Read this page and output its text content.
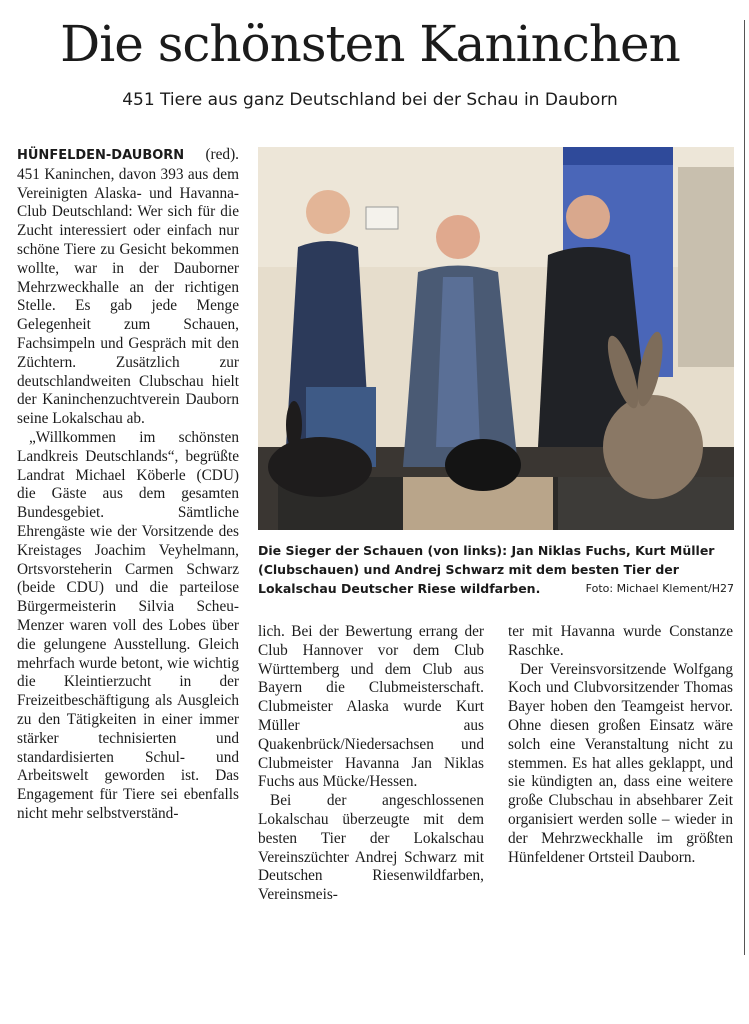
Die schönsten Kaninchen
451 Tiere aus ganz Deutschland bei der Schau in Dauborn

HÜNFELDEN-DAUBORN (red). 451 Kaninchen, davon 393 aus dem Vereinigten Alaska- und Havanna-Club Deutschland: Wer sich für die Zucht interessiert oder einfach nur schöne Tiere zu Gesicht bekommen wollte, war in der Dauborner Mehrzweckhalle an der richtigen Stelle. Es gab jede Menge Gelegenheit zum Schauen, Fachsimpeln und Gespräch mit den Züchtern. Zusätzlich zur deutschlandweiten Clubschau hielt der Kaninchenzuchtverein Dauborn seine Lokalschau ab.

„Willkommen im schönsten Landkreis Deutschlands“, begrüßte Landrat Michael Köberle (CDU) die Gäste aus dem gesamten Bundesgebiet. Sämtliche Ehrengäste wie der Vorsitzende des Kreistages Joachim Veyhelmann, Ortsvorsteherin Carmen Schwarz (beide CDU) und die parteilose Bürgermeisterin Silvia Scheu-Menzer waren voll des Lobes über die gelungene Ausstellung. Gleich mehrfach wurde betont, wie wichtig die Kleintierzucht in der Freizeitbeschäftigung als Ausgleich zu den Tätigkeiten in einer immer stärker technisierten und standardisierten Schul- und Arbeitswelt geworden ist. Das Engagement für Tiere sei ebenfalls nicht mehr selbstverständ-

Die Sieger der Schauen (von links): Jan Niklas Fuchs, Kurt Müller (Clubschauen) und Andrej Schwarz mit dem besten Tier der Lokalschau Deutscher Riese wildfarben.	Foto: Michael Klement/H27

lich. Bei der Bewertung errang der Club Hannover vor dem Club Württemberg und dem Club aus Bayern die Clubmeisterschaft. Clubmeister Alaska wurde Kurt Müller aus Quakenbrück/Niedersachsen und Clubmeister Havanna Jan Niklas Fuchs aus Mücke/Hessen.

Bei der angeschlossenen Lokalschau überzeugte mit dem besten Tier der Lokalschau Vereinszüchter Andrej Schwarz mit Deutschen Riesenwildfarben, Vereinsmeis-

ter mit Havanna wurde Constanze Raschke.

Der Vereinsvorsitzende Wolfgang Koch und Clubvorsitzender Thomas Bayer hoben den Teamgeist hervor. Ohne diesen großen Einsatz wäre solch eine Veranstaltung nicht zu stemmen. Es hat alles geklappt, und sie kündigten an, dass eine weitere große Clubschau in absehbarer Zeit organisiert werden solle – wieder in der Mehrzweckhalle im größten Hünfeldener Ortsteil Dauborn.
